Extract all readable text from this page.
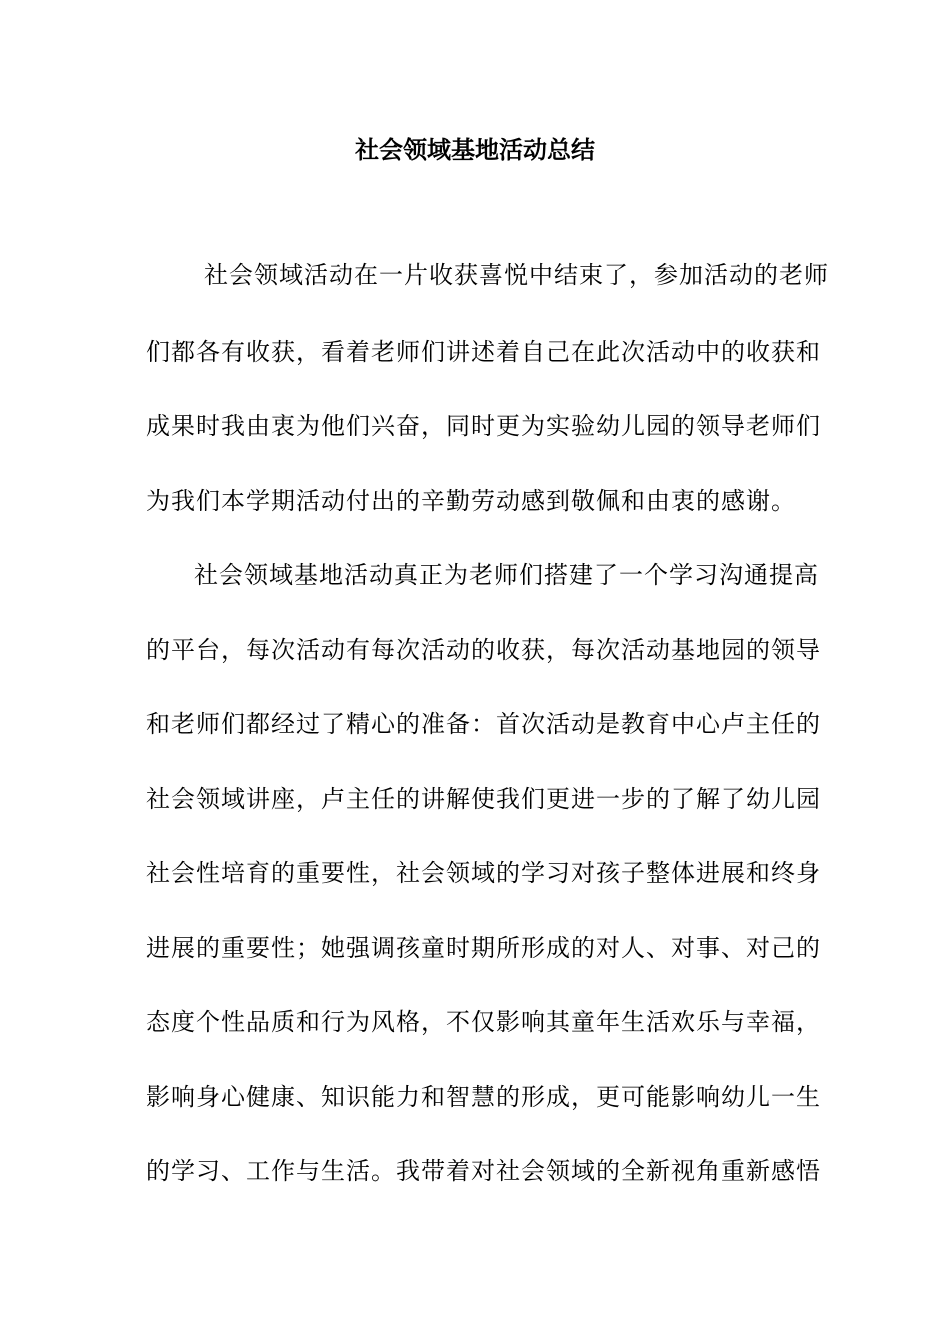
社会领域基地活动总结
社会领域活动在一片收获喜悦中结束了，参加活动的老师
们都各有收获，看着老师们讲述着自己在此次活动中的收获和
成果时我由衷为他们兴奋，同时更为实验幼儿园的领导老师们
为我们本学期活动付出的辛勤劳动感到敬佩和由衷的感谢。
社会领域基地活动真正为老师们搭建了一个学习沟通提高
的平台，每次活动有每次活动的收获，每次活动基地园的领导
和老师们都经过了精心的准备：首次活动是教育中心卢主任的
社会领域讲座，卢主任的讲解使我们更进一步的了解了幼儿园
社会性培育的重要性，社会领域的学习对孩子整体进展和终身
进展的重要性；她强调孩童时期所形成的对人、对事、对己的
态度个性品质和行为风格，不仅影响其童年生活欢乐与幸福，
影响身心健康、知识能力和智慧的形成，更可能影响幼儿一生
的学习、工作与生活。我带着对社会领域的全新视角重新感悟
